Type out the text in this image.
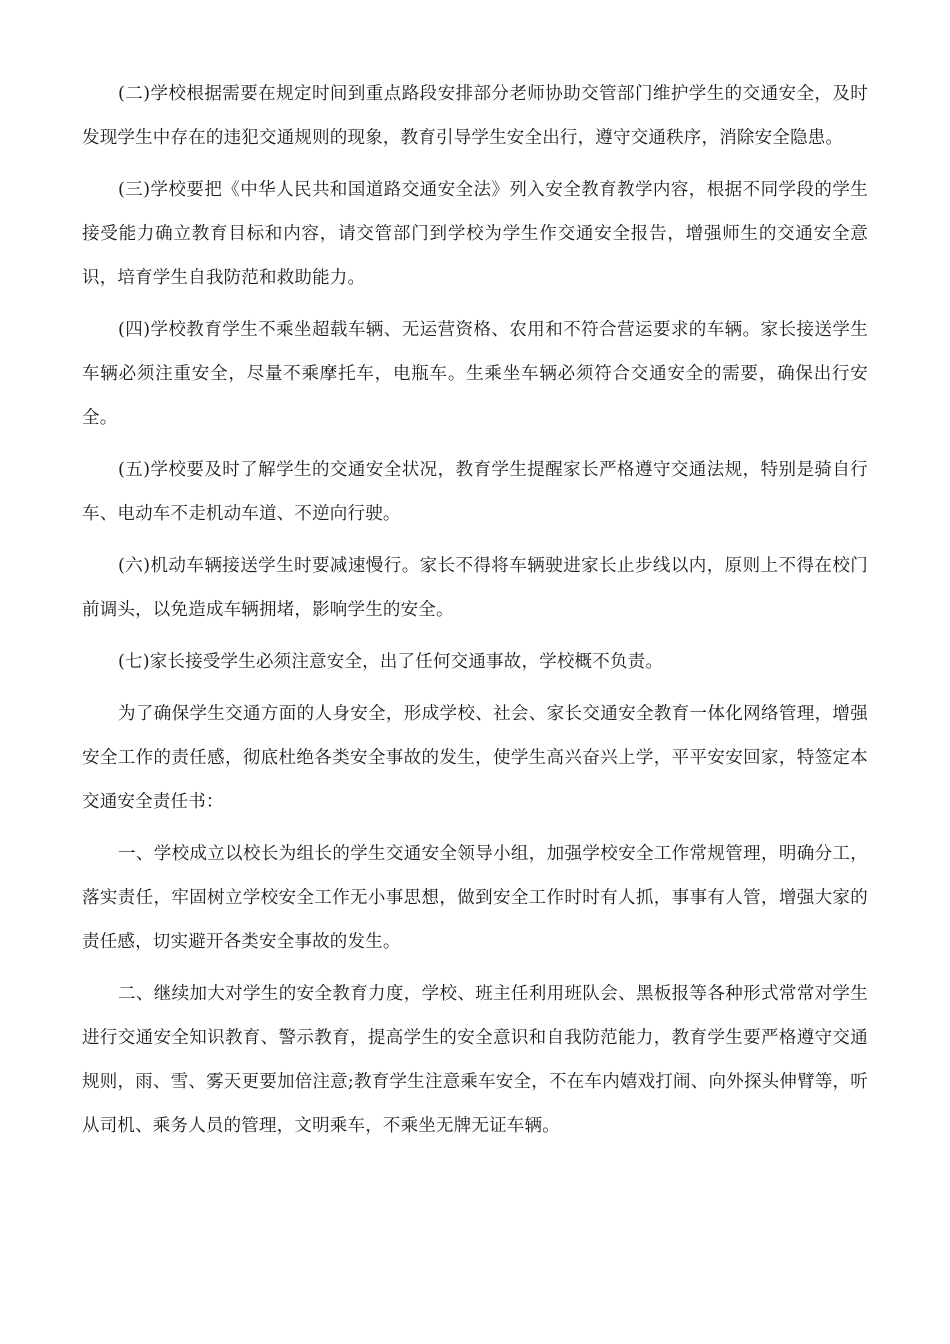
(二)学校根据需要在规定时间到重点路段安排部分老师协助交管部门维护学生的交通安全，及时发现学生中存在的违犯交通规则的现象，教育引导学生安全出行，遵守交通秩序，消除安全隐患。

(三)学校要把《中华人民共和国道路交通安全法》列入安全教育教学内容，根据不同学段的学生接受能力确立教育目标和内容，请交管部门到学校为学生作交通安全报告，增强师生的交通安全意识，培育学生自我防范和救助能力。

(四)学校教育学生不乘坐超载车辆、无运营资格、农用和不符合营运要求的车辆。家长接送学生车辆必须注重安全，尽量不乘摩托车，电瓶车。生乘坐车辆必须符合交通安全的需要，确保出行安全。

(五)学校要及时了解学生的交通安全状况，教育学生提醒家长严格遵守交通法规，特别是骑自行车、电动车不走机动车道、不逆向行驶。

(六)机动车辆接送学生时要减速慢行。家长不得将车辆驶进家长止步线以内，原则上不得在校门前调头，以免造成车辆拥堵，影响学生的安全。

(七)家长接受学生必须注意安全，出了任何交通事故，学校概不负责。

为了确保学生交通方面的人身安全，形成学校、社会、家长交通安全教育一体化网络管理，增强安全工作的责任感，彻底杜绝各类安全事故的发生，使学生高兴奋兴上学，平平安安回家，特签定本交通安全责任书：

一、学校成立以校长为组长的学生交通安全领导小组，加强学校安全工作常规管理，明确分工，落实责任，牢固树立学校安全工作无小事思想，做到安全工作时时有人抓，事事有人管，增强大家的责任感，切实避开各类安全事故的发生。

二、继续加大对学生的安全教育力度，学校、班主任利用班队会、黑板报等各种形式常常对学生进行交通安全知识教育、警示教育，提高学生的安全意识和自我防范能力，教育学生要严格遵守交通规则，雨、雪、雾天更要加倍注意;教育学生注意乘车安全，不在车内嬉戏打闹、向外探头伸臂等，听从司机、乘务人员的管理，文明乘车，不乘坐无牌无证车辆。
